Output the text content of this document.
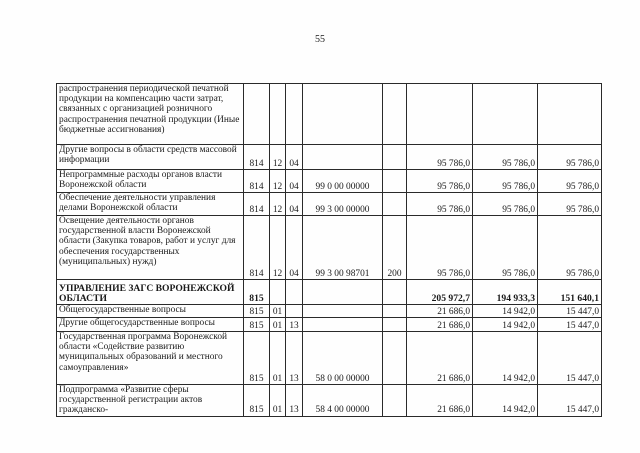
55
распространения периодической печатной продукции на компенсацию части затрат, связанных с организацией розничного распространения печатной продукции (Иные бюджетные ассигнования)								
Другие вопросы в области средств массовой информации	814	12	04			95 786,0	95 786,0	95 786,0
Непрограммные расходы органов власти Воронежской области	814	12	04	99 0 00 00000		95 786,0	95 786,0	95 786,0
Обеспечение деятельности управления делами Воронежской области	814	12	04	99 3 00 00000		95 786,0	95 786,0	95 786,0
Освещение деятельности органов государственной власти Воронежской области (Закупка товаров, работ и услуг для обеспечения государственных (муниципальных) нужд)	814	12	04	99 3 00 98701	200	95 786,0	95 786,0	95 786,0
УПРАВЛЕНИЕ ЗАГС ВОРОНЕЖСКОЙ ОБЛАСТИ	815					205 972,7	194 933,3	151 640,1
Общегосударственные вопросы	815	01				21 686,0	14 942,0	15 447,0
Другие общегосударственные вопросы	815	01	13			21 686,0	14 942,0	15 447,0
Государственная программа Воронежской области «Содействие развитию муниципальных образований и местного самоуправления»	815	01	13	58 0 00 00000		21 686,0	14 942,0	15 447,0
Подпрограмма «Развитие сферы государственной регистрации актов гражданско-	815	01	13	58 4 00 00000		21 686,0	14 942,0	15 447,0
